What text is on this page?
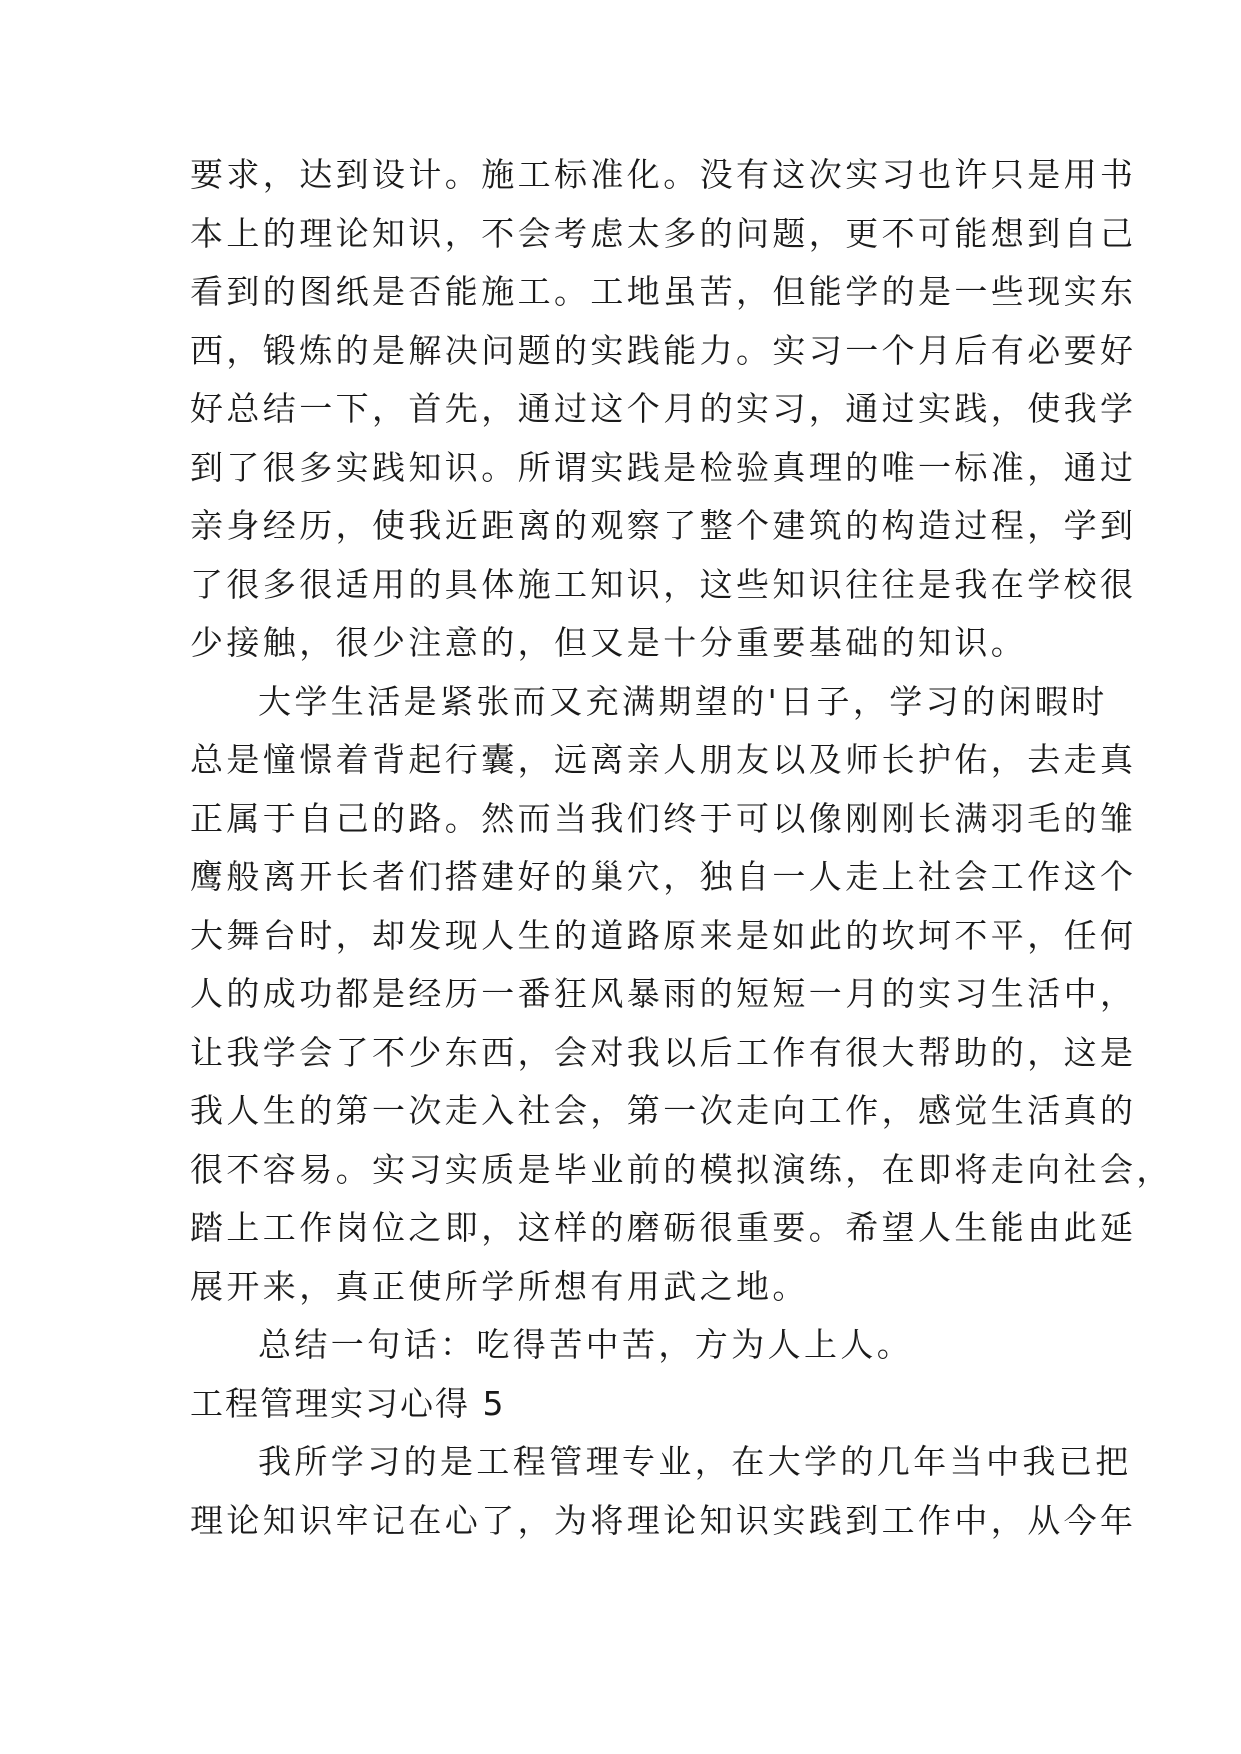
要求，达到设计。施工标准化。没有这次实习也许只是用书
本上的理论知识，不会考虑太多的问题，更不可能想到自己
看到的图纸是否能施工。工地虽苦，但能学的是一些现实东
西，锻炼的是解决问题的实践能力。实习一个月后有必要好
好总结一下，首先，通过这个月的实习，通过实践，使我学
到了很多实践知识。所谓实践是检验真理的唯一标准，通过
亲身经历，使我近距离的观察了整个建筑的构造过程，学到
了很多很适用的具体施工知识，这些知识往往是我在学校很
少接触，很少注意的，但又是十分重要基础的知识。
大学生活是紧张而又充满期望的'日子，学习的闲暇时
总是憧憬着背起行囊，远离亲人朋友以及师长护佑，去走真
正属于自己的路。然而当我们终于可以像刚刚长满羽毛的雏
鹰般离开长者们搭建好的巢穴，独自一人走上社会工作这个
大舞台时，却发现人生的道路原来是如此的坎坷不平，任何
人的成功都是经历一番狂风暴雨的短短一月的实习生活中，
让我学会了不少东西，会对我以后工作有很大帮助的，这是
我人生的第一次走入社会，第一次走向工作，感觉生活真的
很不容易。实习实质是毕业前的模拟演练，在即将走向社会，
踏上工作岗位之即，这样的磨砺很重要。希望人生能由此延
展开来，真正使所学所想有用武之地。
总结一句话：吃得苦中苦，方为人上人。
工程管理实习心得 5
我所学习的是工程管理专业，在大学的几年当中我已把
理论知识牢记在心了，为将理论知识实践到工作中，从今年
